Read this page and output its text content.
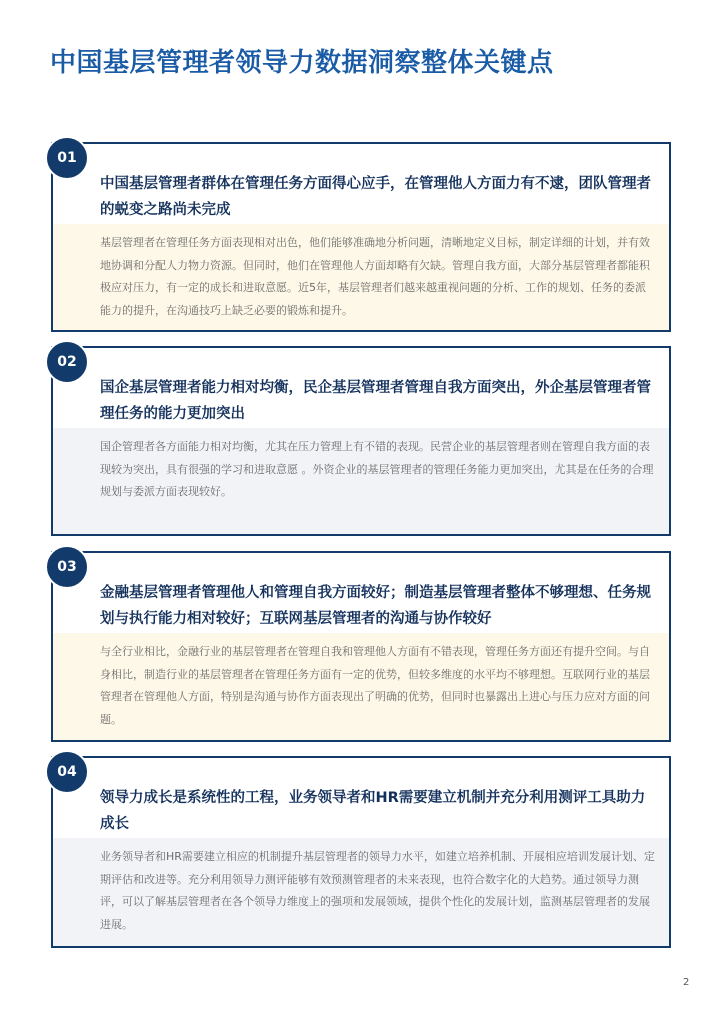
中国基层管理者领导力数据洞察整体关键点
01
中国基层管理者群体在管理任务方面得心应手，在管理他人方面力有不逮，团队管理者的蜕变之路尚未完成

基层管理者在管理任务方面表现相对出色，他们能够准确地分析问题，清晰地定义目标，制定详细的计划，并有效地协调和分配人力物力资源。但同时，他们在管理他人方面却略有欠缺。管理自我方面，大部分基层管理者都能积极应对压力，有一定的成长和进取意愿。近5年，基层管理者们越来越重视问题的分析、工作的规划、任务的委派能力的提升，在沟通技巧上缺乏必要的锻炼和提升。

02
国企基层管理者能力相对均衡，民企基层管理者管理自我方面突出，外企基层管理者管理任务的能力更加突出

国企管理者各方面能力相对均衡，尤其在压力管理上有不错的表现。民营企业的基层管理者则在管理自我方面的表现较为突出，具有很强的学习和进取意愿 。外资企业的基层管理者的管理任务能力更加突出，尤其是在任务的合理规划与委派方面表现较好。

03
金融基层管理者管理他人和管理自我方面较好；制造基层管理者整体不够理想、任务规划与执行能力相对较好；互联网基层管理者的沟通与协作较好

与全行业相比，金融行业的基层管理者在管理自我和管理他人方面有不错表现，管理任务方面还有提升空间。与自身相比，制造行业的基层管理者在管理任务方面有一定的优势，但较多维度的水平均不够理想。互联网行业的基层管理者在管理他人方面，特别是沟通与协作方面表现出了明确的优势，但同时也暴露出上进心与压力应对方面的问题。

04
领导力成长是系统性的工程，业务领导者和HR需要建立机制并充分利用测评工具助力成长

业务领导者和HR需要建立相应的机制提升基层管理者的领导力水平，如建立培养机制、开展相应培训发展计划、定期评估和改进等。充分利用领导力测评能够有效预测管理者的未来表现，也符合数字化的大趋势。通过领导力测评，可以了解基层管理者在各个领导力维度上的强项和发展领域，提供个性化的发展计划，监测基层管理者的发展进展。

2
